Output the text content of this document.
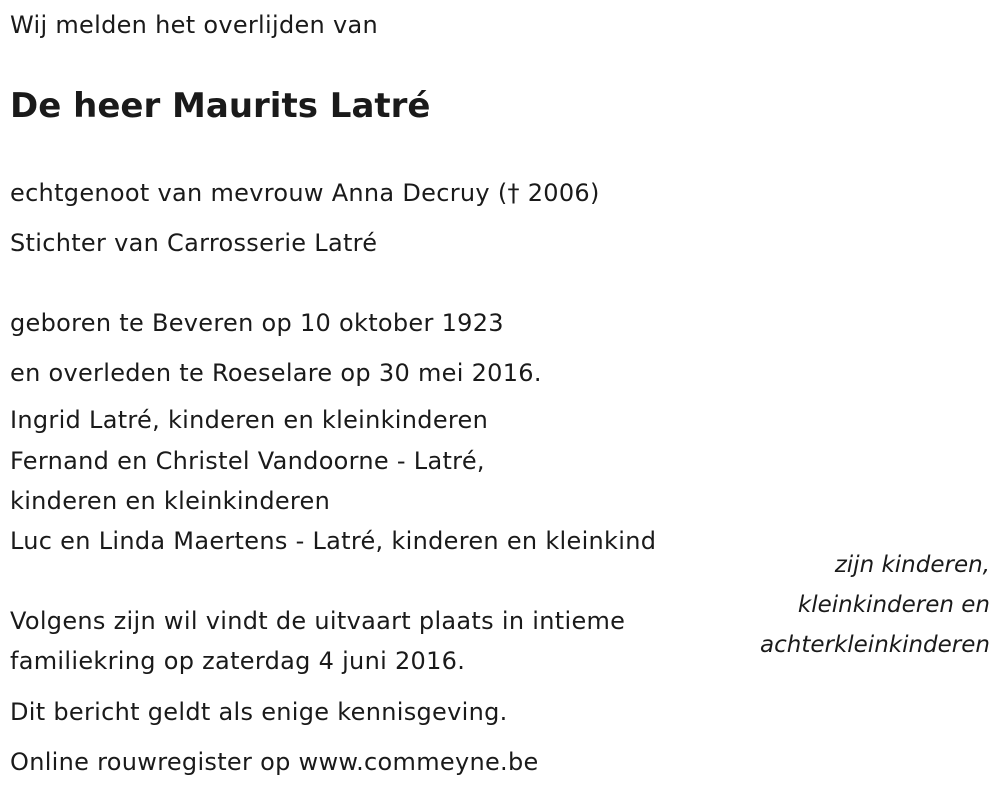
Wij melden het overlijden van
De heer Maurits Latré
echtgenoot van mevrouw Anna Decruy († 2006)
Stichter van Carrosserie Latré
geboren te Beveren op 10 oktober 1923
en overleden te Roeselare op 30 mei 2016.
Ingrid Latré, kinderen en kleinkinderen
Fernand en Christel Vandoorne - Latré,
kinderen en kleinkinderen
Luc en Linda Maertens - Latré, kinderen en kleinkind
zijn kinderen,
kleinkinderen en
achterkleinkinderen
Volgens zijn wil vindt de uitvaart plaats in intieme
familiekring op zaterdag 4 juni 2016.
Dit bericht geldt als enige kennisgeving.
Online rouwregister op www.commeyne.be
